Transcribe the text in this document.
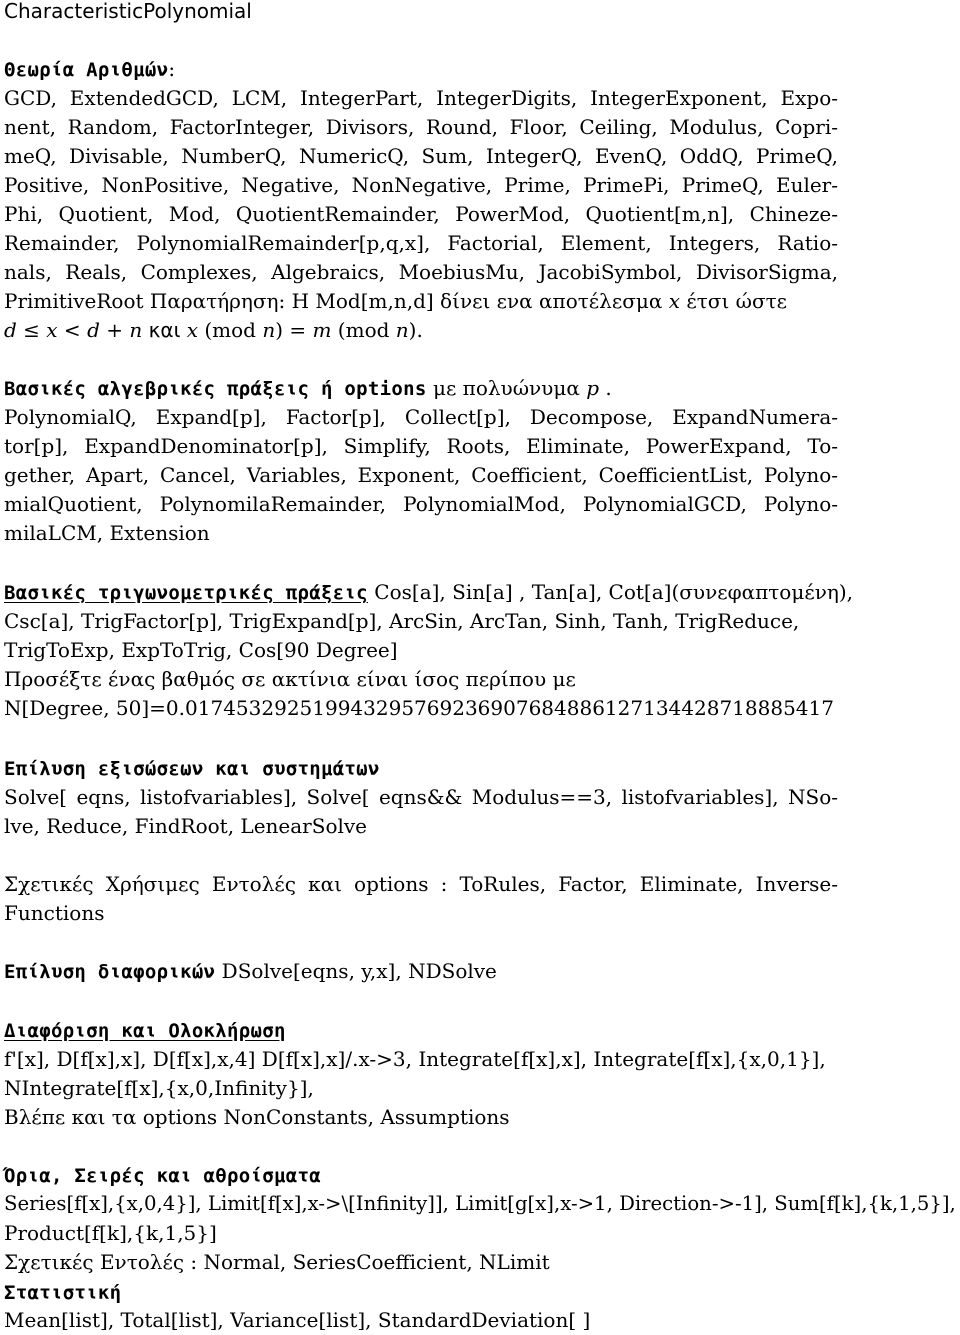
CharacteristicPolynomial
Θεωρία Αριθμών:
GCD, ExtendedGCD, LCM, IntegerPart, IntegerDigits, IntegerExponent, Expo-
nent, Random, FactorInteger, Divisors, Round, Floor, Ceiling, Modulus, Copri-
meQ, Divisable, NumberQ, NumericQ, Sum, IntegerQ, EvenQ, OddQ, PrimeQ,
Positive, NonPositive, Negative, NonNegative, Prime, PrimePi, PrimeQ, Euler-
Phi, Quotient, Mod, QuotientRemainder, PowerMod, Quotient[m,n], Chineze-
Remainder, PolynomialRemainder[p,q,x], Factorial, Element, Integers, Ratio-
nals, Reals, Complexes, Algebraics, MoebiusMu, JacobiSymbol, DivisorSigma,
PrimitiveRoot Παρατήρηση: Η Mod[m,n,d] δίνει ενα αποτέλεσμα x έτσι ώστε
d ≤ x < d + n και x (mod n) = m (mod n).
Βασικές αλγεβρικές πράξεις ή options με πολυώνυμα p .
PolynomialQ, Expand[p], Factor[p], Collect[p], Decompose, ExpandNumera-
tor[p], ExpandDenominator[p], Simplify, Roots, Eliminate, PowerExpand, To-
gether, Apart, Cancel, Variables, Exponent, Coefficient, CoefficientList, Polyno-
mialQuotient, PolynomilaRemainder, PolynomialMod, PolynomialGCD, Polyno-
milaLCM, Extension
Βασικές τριγωνομετρικές πράξεις Cos[a], Sin[a] , Tan[a], Cot[a](συνεφαπτομένη),
Csc[a], TrigFactor[p], TrigExpand[p], ArcSin, ArcTan, Sinh, Tanh, TrigReduce,
TrigToExp, ExpToTrig, Cos[90 Degree]
Προσέξτε ένας βαθμός σε ακτίνια είναι ίσος περίπου με
N[Degree, 50]=0.017453292519943295769236907684886127134428718885417
Επίλυση εξισώσεων και συστημάτων
Solve[ eqns, listofvariables], Solve[ eqns&& Modulus==3, listofvariables], NSo-
lve, Reduce, FindRoot, LenearSolve
Σχετικές Χρήσιμες Εντολές και options : ToRules, Factor, Eliminate, Inverse-
Functions
Επίλυση διαφορικών DSolve[eqns, y,x], NDSolve
Διαφόριση και Ολοκλήρωση
f'[x], D[f[x],x], D[f[x],x,4] D[f[x],x]/.x->3, Integrate[f[x],x], Integrate[f[x],{x,0,1}],
NIntegrate[f[x],{x,0,Infinity}],
Βλέπε και τα options NonConstants, Assumptions
Όρια, Σειρές και αθροίσματα
Series[f[x],{x,0,4}], Limit[f[x],x->\[Infinity]], Limit[g[x],x->1, Direction->-1], Sum[f[k],{k,1,5}],
Product[f[k],{k,1,5}]
Σχετικές Εντολές : Normal, SeriesCoefficient, NLimit
Στατιστική
Mean[list], Total[list], Variance[list], StandardDeviation[ ]
